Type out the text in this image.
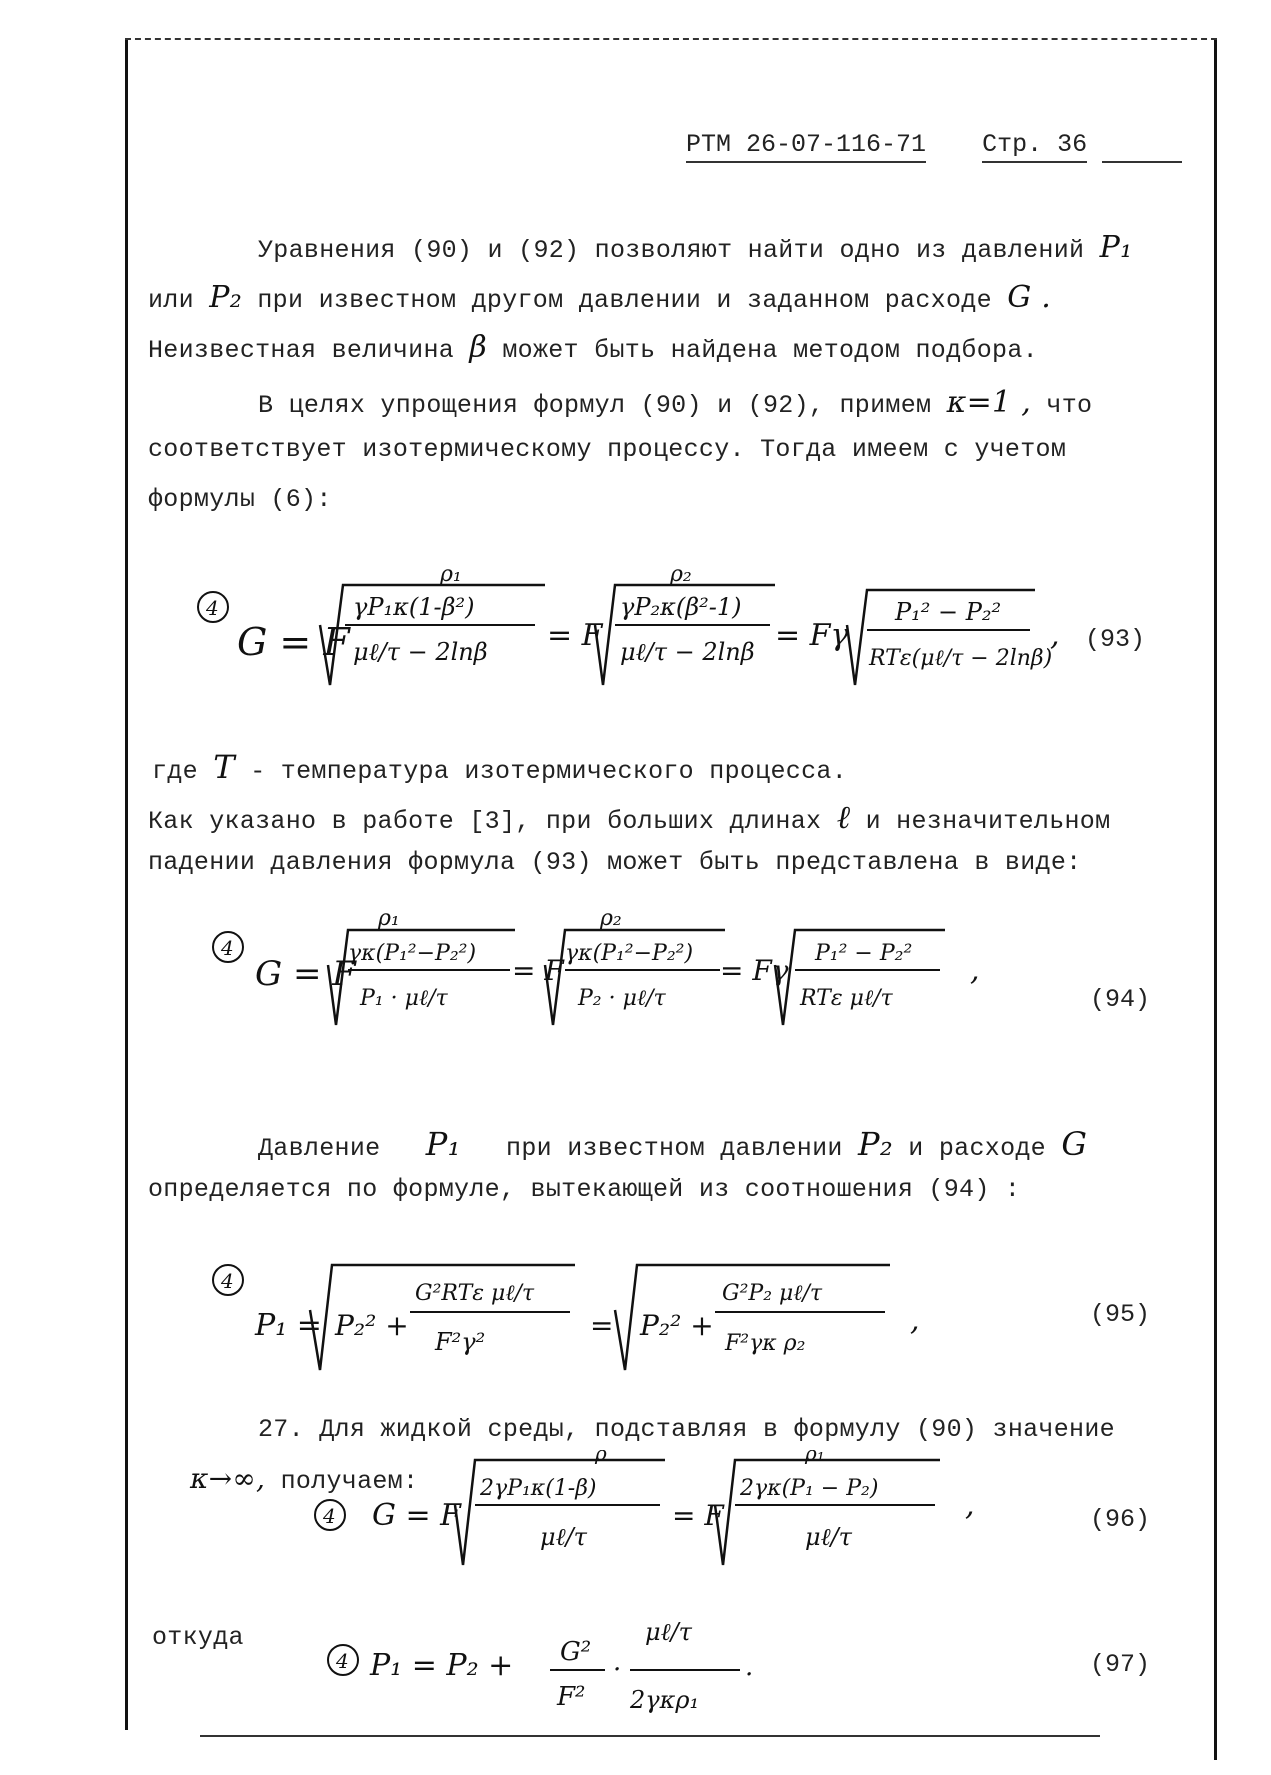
РТМ 26-07-116-71 Стр. 36
Уравнения (90) и (92) позволяют найти одно из давлений P₁
или P₂ при известном другом давлении и заданном расходе G .
Неизвестная величина β может быть найдена методом подбора.
В целях упрощения формул (90) и (92), примем κ=1 , что
соответствует изотермическому процессу. Тогда имеем с учетом
формулы (6):
4
G = F
ρ₁
γP₁κ(1-β²)
μℓ/τ − 2lnβ = F
ρ₂
γP₂κ(β²-1)
μℓ/τ − 2lnβ = Fγ
P₁² − P₂²
RTε(μℓ/τ − 2lnβ)
, (93)
где T - температура изотермического процесса.
Как указано в работе [3], при больших длинах ℓ и незначительном
падении давления формула (93) может быть представлена в виде:
4
G = F
ρ₁
γκ(P₁²−P₂²)
P₁ · μℓ/τ
= F
ρ₂
γκ(P₁²−P₂²)
P₂ · μℓ/τ
= Fγ
P₁² − P₂²
RTε μℓ/τ
,
(94)
Давление P₁ при известном давлении P₂ и расходе G
определяется по формуле, вытекающей из соотношения (94) :
4
P₁ = P₂² +
G²RTε μℓ/τ
F²γ²	= P₂² +
G²P₂ μℓ/τ
F²γκ ρ₂
,	(95)
27. Для жидкой среды, подставляя в формулу (90) значение
κ→∞, получаем:
4 G = F
ρ
2γP₁κ(1-β)
μℓ/τ
= F
ρ₁
2γκ(P₁ − P₂)
μℓ/τ
,	(96)
откуда
4 P₁ = P₂ + G²
F²
·
μℓ/τ
2γκρ₁
.	(97)
